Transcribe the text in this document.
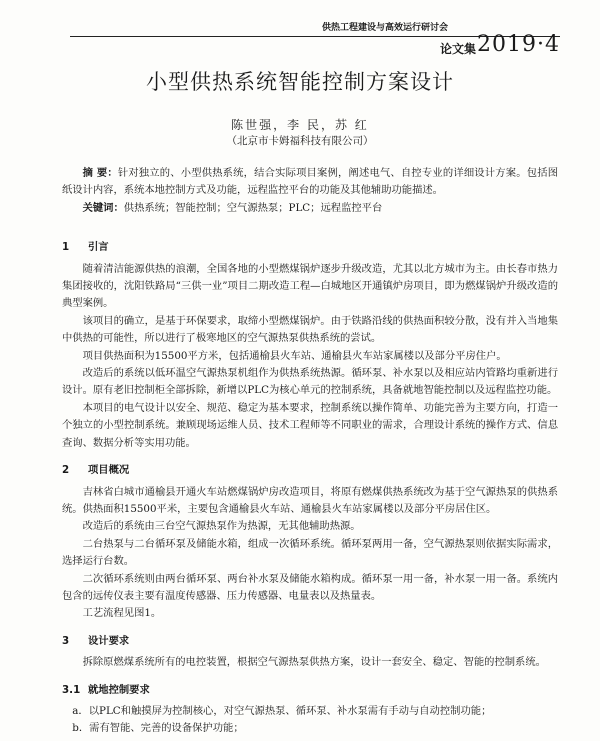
供热工程建设与高效运行研讨会
论文集 2019·4
小型供热系统智能控制方案设计
陈世强，李 民，苏 红
（北京市卡姆福科技有限公司）

摘 要：针对独立的、小型供热系统，结合实际项目案例，阐述电气、自控专业的详细设计方案。包括图纸设计内容，系统本地控制方式及功能，远程监控平台的功能及其他辅助功能描述。

关键词：供热系统；智能控制；空气源热泵；PLC；远程监控平台

1 引言

随着清洁能源供热的浪潮，全国各地的小型燃煤锅炉逐步升级改造，尤其以北方城市为主。由长春市热力集团接收的，沈阳铁路局“三供一业”项目二期改造工程—白城地区开通镇炉房项目，即为燃煤锅炉升级改造的典型案例。

该项目的确立，是基于环保要求，取缔小型燃煤锅炉。由于铁路沿线的供热面积较分散，没有并入当地集中供热的可能性，所以进行了极寒地区的空气源热泵供热系统的尝试。

项目供热面积为15500平方米，包括通榆县火车站、通榆县火车站家属楼以及部分平房住户。

改造后的系统以低环温空气源热泵机组作为供热系统热源。循环泵、补水泵以及相应站内管路均重新进行设计。原有老旧控制柜全部拆除，新增以PLC为核心单元的控制系统，具备就地智能控制以及远程监控功能。

本项目的电气设计以安全、规范、稳定为基本要求，控制系统以操作简单、功能完善为主要方向，打造一个独立的小型控制系统。兼顾现场运维人员、技术工程师等不同职业的需求，合理设计系统的操作方式、信息查询、数据分析等实用功能。

2 项目概况

吉林省白城市通榆县开通火车站燃煤锅炉房改造项目，将原有燃煤供热系统改为基于空气源热泵的供热系统。供热面积15500平米，主要包含通榆县火车站、通榆县火车站家属楼以及部分平房居住区。

改造后的系统由三台空气源热泵作为热源，无其他辅助热源。

二台热泵与二台循环泵及储能水箱，组成一次循环系统。循环泵两用一备，空气源热泵则依据实际需求，选择运行台数。

二次循环系统则由两台循环泵、两台补水泵及储能水箱构成。循环泵一用一备，补水泵一用一备。系统内包含的远传仪表主要有温度传感器、压力传感器、电量表以及热量表。

工艺流程见图1。

3 设计要求

拆除原燃煤系统所有的电控装置，根据空气源热泵供热方案，设计一套安全、稳定、智能的控制系统。

3.1 就地控制要求

a．以PLC和触摸屏为控制核心，对空气源热泵、循环泵、补水泵需有手动与自动控制功能；

b．需有智能、完善的设备保护功能；
